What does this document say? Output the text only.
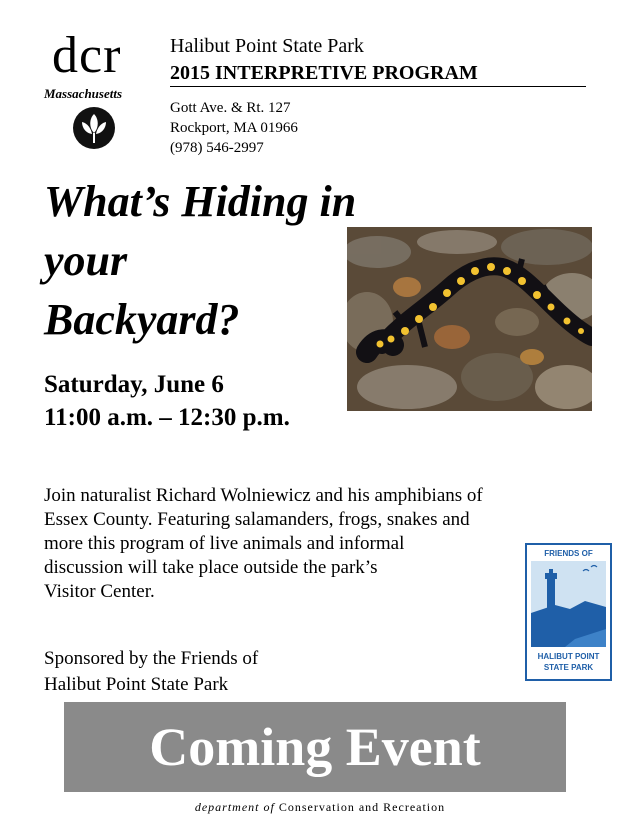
dcr
Massachusetts
Halibut Point State Park
2015 INTERPRETIVE PROGRAM
Gott Ave. & Rt. 127
Rockport, MA 01966
(978) 546-2997
What’s Hiding in
your
Backyard?
Saturday, June 6
11:00 a.m. – 12:30 p.m.
Join naturalist Richard Wolniewicz and his amphibians of
Essex County. Featuring salamanders, frogs, snakes and
more this program of live animals and informal
discussion will take place outside the park’s
Visitor Center.
Sponsored by the Friends of
Halibut Point State Park
FRIENDS OF
HALIBUT POINT
STATE PARK
Coming Event
department of Conservation and Recreation
